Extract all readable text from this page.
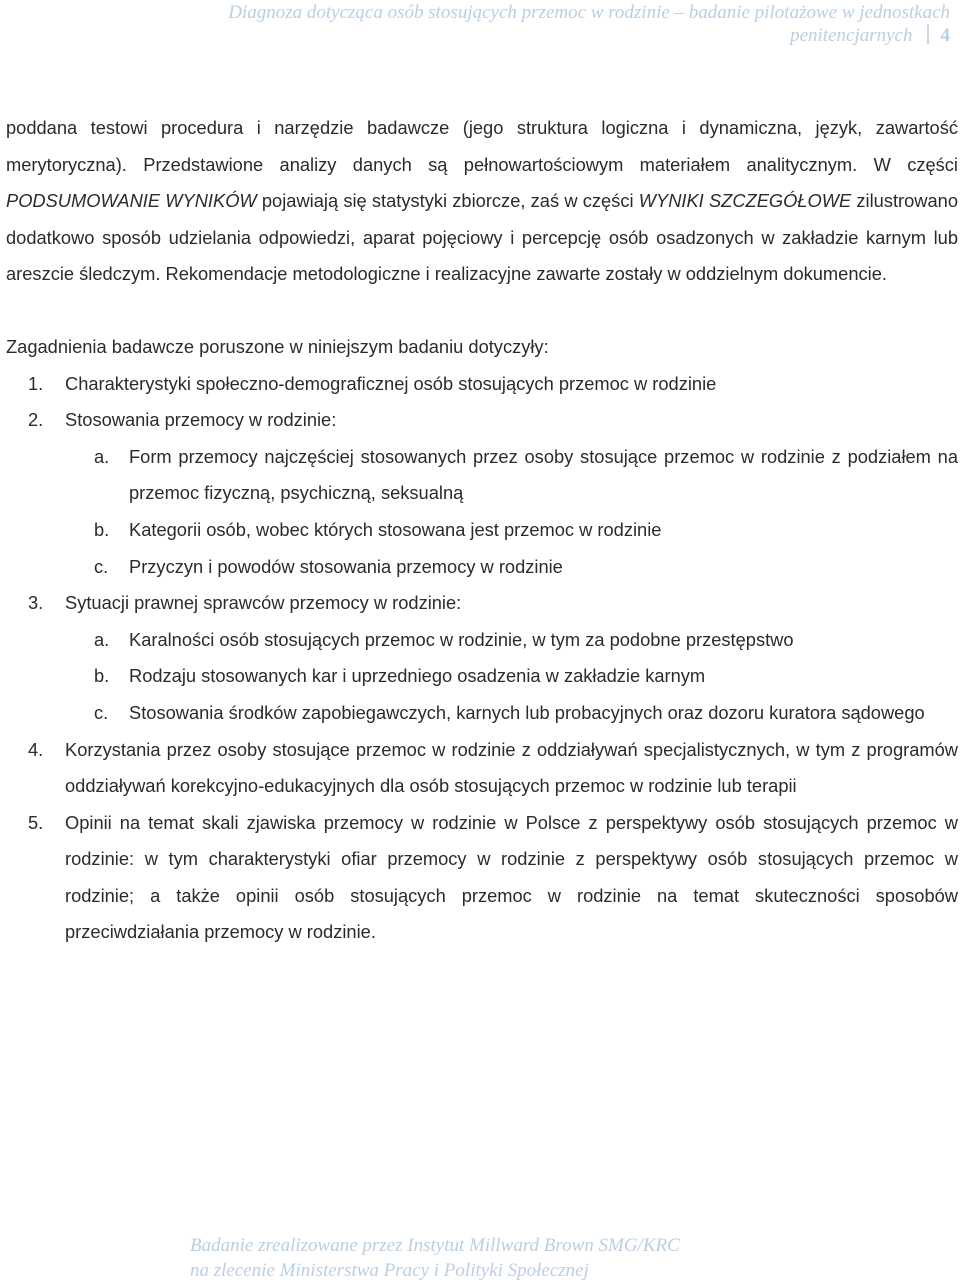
Diagnoza dotycząca osób stosujących przemoc w rodzinie – badanie pilotażowe w jednostkach
penitencjarnych 4

poddana testowi procedura i narzędzie badawcze (jego struktura logiczna i dynamiczna, język, zawartość merytoryczna). Przedstawione analizy danych są pełnowartościowym materiałem analitycznym. W części PODSUMOWANIE WYNIKÓW pojawiają się statystyki zbiorcze, zaś w części WYNIKI SZCZEGÓŁOWE zilustrowano dodatkowo sposób udzielania odpowiedzi, aparat pojęciowy i percepcję osób osadzonych w zakładzie karnym lub areszcie śledczym. Rekomendacje metodologiczne i realizacyjne zawarte zostały w oddzielnym dokumencie.

Zagadnienia badawcze poruszone w niniejszym badaniu dotyczyły:

1. Charakterystyki społeczno-demograficznej osób stosujących przemoc w rodzinie
2. Stosowania przemocy w rodzinie:
a. Form przemocy najczęściej stosowanych przez osoby stosujące przemoc w rodzinie z podziałem na przemoc fizyczną, psychiczną, seksualną
b. Kategorii osób, wobec których stosowana jest przemoc w rodzinie
c. Przyczyn i powodów stosowania przemocy w rodzinie
3. Sytuacji prawnej sprawców przemocy w rodzinie:
a. Karalności osób stosujących przemoc w rodzinie, w tym za podobne przestępstwo
b. Rodzaju stosowanych kar i uprzedniego osadzenia w zakładzie karnym
c. Stosowania środków zapobiegawczych, karnych lub probacyjnych oraz dozoru kuratora sądowego
4. Korzystania przez osoby stosujące przemoc w rodzinie z oddziaływań specjalistycznych, w tym z programów oddziaływań korekcyjno-edukacyjnych dla osób stosujących przemoc w rodzinie lub terapii
5. Opinii na temat skali zjawiska przemocy w rodzinie w Polsce z perspektywy osób stosujących przemoc w rodzinie: w tym charakterystyki ofiar przemocy w rodzinie z perspektywy osób stosujących przemoc w rodzinie; a także opinii osób stosujących przemoc w rodzinie na temat skuteczności sposobów przeciwdziałania przemocy w rodzinie.
Badanie zrealizowane przez Instytut Millward Brown SMG/KRC
na zlecenie Ministerstwa Pracy i Polityki Społecznej
